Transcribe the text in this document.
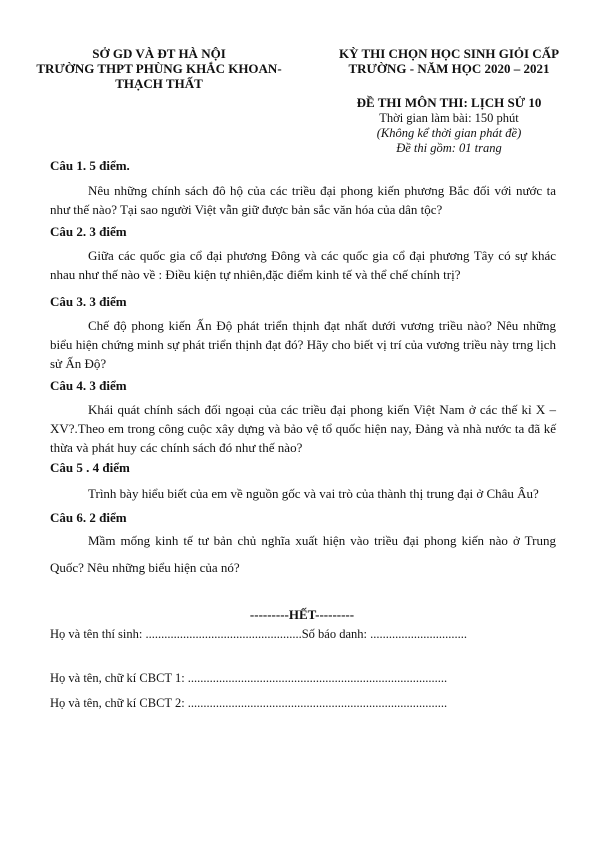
SỞ GD VÀ ĐT HÀ NỘI
TRƯỜNG THPT PHÙNG KHẮC KHOAN-
THẠCH THẤT
KỲ THI CHỌN HỌC SINH GIỎI CẤP
TRƯỜNG - NĂM HỌC 2020 – 2021
ĐỀ THI MÔN THI: LỊCH SỬ 10
Thời gian làm bài: 150 phút
(Không kể thời gian phát đề)
Đề thi gồm: 01 trang
Câu 1. 5 điểm.
Nêu những chính sách đô hộ của các triều đại phong kiến phương Bắc đối với nước ta như thế nào? Tại sao người Việt vẫn giữ được bản sắc văn hóa của dân tộc?
Câu 2. 3 điểm
Giữa các quốc gia cổ đại phương Đông và các quốc gia cổ đại phương Tây có sự khác nhau như thế nào về : Điều kiện tự nhiên,đặc điểm kinh tế và thể chế chính trị?
Câu 3. 3 điểm
Chế độ phong kiến Ấn Độ phát triển thịnh đạt nhất dưới vương triều nào? Nêu những biểu hiện chứng minh sự phát triển thịnh đạt đó? Hãy cho biết vị trí của vương triều này trng lịch sử Ấn Độ?
Câu 4. 3 điểm
Khái quát chính sách đối ngoại của các triều đại phong kiến Việt Nam ở các thế kỉ X – XV?.Theo em trong công cuộc xây dựng và bảo vệ tổ quốc hiện nay, Đảng và nhà nước ta đã kế thừa và phát huy các chính sách đó như thế nào?
Câu 5 . 4 điểm
Trình bày hiểu biết của em về nguồn gốc và vai trò của thành thị trung đại ở Châu Âu?
Câu 6. 2 điểm
Mầm mống kinh tế tư bản chủ nghĩa xuất hiện vào triều đại phong kiến nào ở Trung Quốc? Nêu những biểu hiện của nó?
---------HẾT---------
Họ và tên thí sinh: ..................................................Số báo danh: ...............................
Họ và tên, chữ kí CBCT 1: ...................................................................................
Họ và tên, chữ kí CBCT 2: ...................................................................................
